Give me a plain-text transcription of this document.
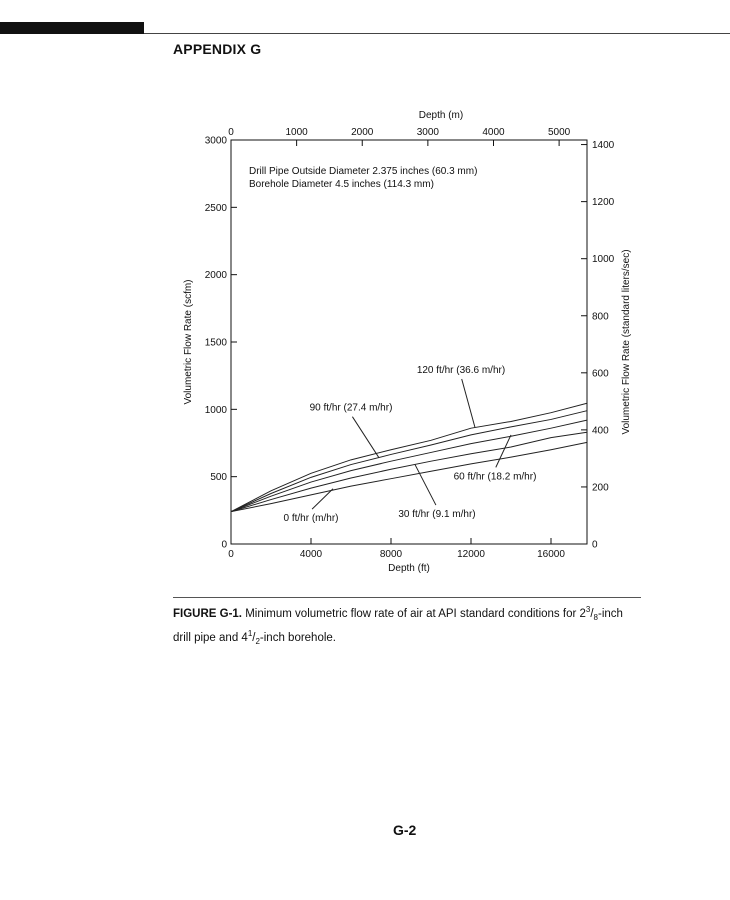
APPENDIX G
0	4000	8000	12000	16000
0	1000	2000	3000	4000	5000
0
500
1000
1500
2000
2500
3000
0
200
400
600
800
1000
1200
1400
120 ft/hr (36.6 m/hr)
90 ft/hr (27.4 m/hr)
60 ft/hr (18.2 m/hr)
30 ft/hr (9.1 m/hr)
0 ft/hr (m/hr)
Drill Pipe Outside Diameter 2.375 inches (60.3 mm)
Borehole Diameter 4.5 inches (114.3 mm)
Depth (ft)
Depth (m)
Volumetric Flow Rate (scfm)	Volumetric Flow Rate (standard liters/sec)
FIGURE G-1. Minimum volumetric flow rate of air at API standard conditions for $2^3/_8$-inch drill pipe and $4^1/_2$-inch borehole.
G-2
